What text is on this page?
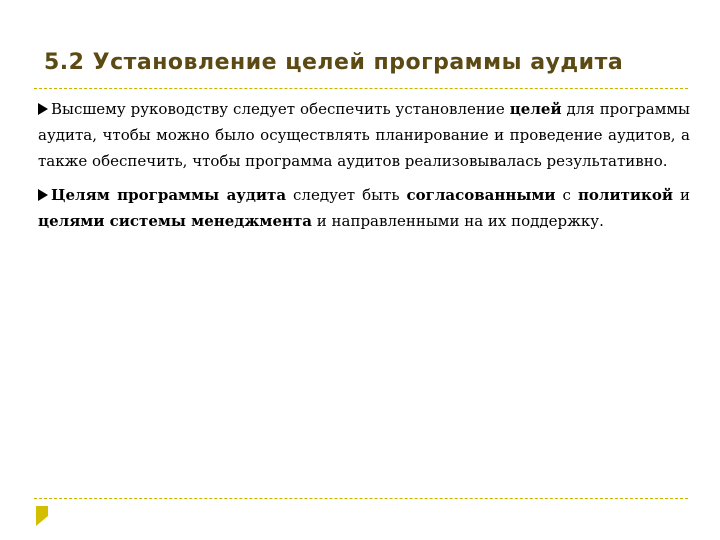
5.2 Установление целей программы аудита

Высшему руководству следует обеспечить установление целей для программы аудита, чтобы можно было осуществлять планирование и проведение аудитов, а также обеспечить, чтобы программа аудитов реализовывалась результативно.

Целям программы аудита следует быть согласованными с политикой и целями системы менеджмента и направленными на их поддержку.
